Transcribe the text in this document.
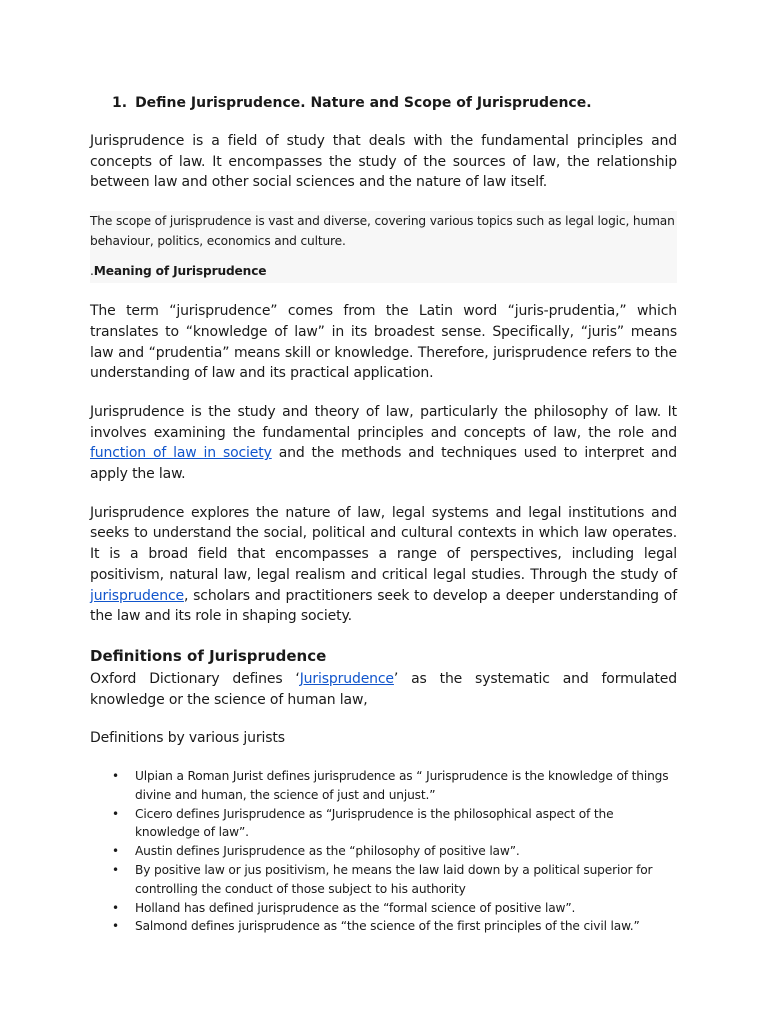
1. Define Jurisprudence. Nature and Scope of Jurisprudence.

Jurisprudence is a field of study that deals with the fundamental principles and concepts of law. It encompasses the study of the sources of law, the relationship between law and other social sciences and the nature of law itself.

The scope of jurisprudence is vast and diverse, covering various topics such as legal logic, human behaviour, politics, economics and culture.

.Meaning of Jurisprudence

The term “jurisprudence” comes from the Latin word “juris-prudentia,” which translates to “knowledge of law” in its broadest sense. Specifically, “juris” means law and “prudentia” means skill or knowledge. Therefore, jurisprudence refers to the understanding of law and its practical application.

Jurisprudence is the study and theory of law, particularly the philosophy of law. It involves examining the fundamental principles and concepts of law, the role and function of law in society and the methods and techniques used to interpret and apply the law.

Jurisprudence explores the nature of law, legal systems and legal institutions and seeks to understand the social, political and cultural contexts in which law operates. It is a broad field that encompasses a range of perspectives, including legal positivism, natural law, legal realism and critical legal studies. Through the study of jurisprudence, scholars and practitioners seek to develop a deeper understanding of the law and its role in shaping society.

Definitions of Jurisprudence

Oxford Dictionary defines ‘Jurisprudence’ as the systematic and formulated knowledge or the science of human law,

Definitions by various jurists

• Ulpian a Roman Jurist defines jurisprudence as “ Jurisprudence is the knowledge of things divine and human, the science of just and unjust.”
• Cicero defines Jurisprudence as “Jurisprudence is the philosophical aspect of the knowledge of law”.
• Austin defines Jurisprudence as the “philosophy of positive law”.
• By positive law or jus positivism, he means the law laid down by a political superior for controlling the conduct of those subject to his authority
• Holland has defined jurisprudence as the “formal science of positive law”.
• Salmond defines jurisprudence as “the science of the first principles of the civil law.”
